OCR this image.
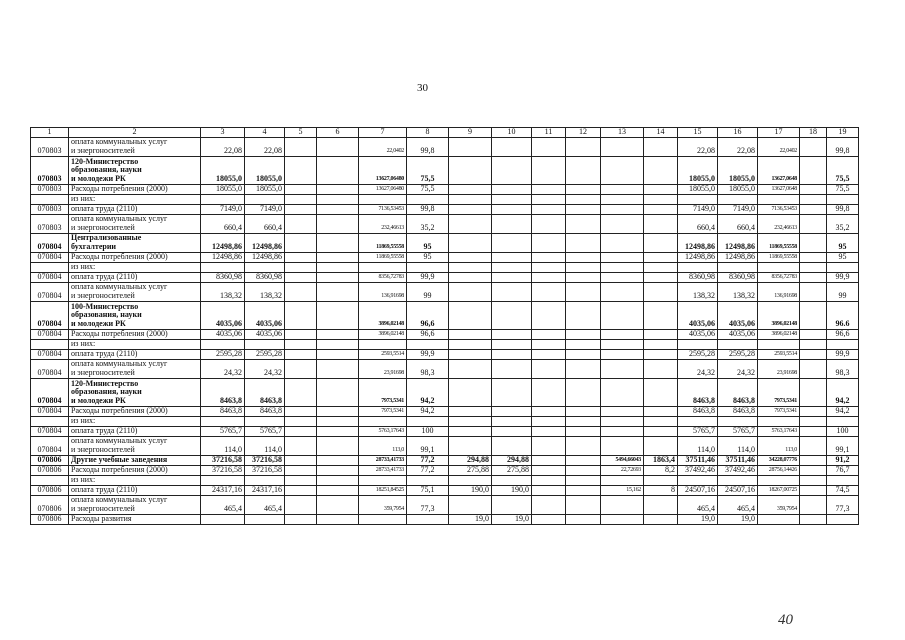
30
1	2	3	4	5	6	7	8	9	10	11	12	13	14	15	16	17	18	19
070803	оплата коммунальных услуг
и энергоносителей	22,08	22,08			22,0402	99,8							22,08	22,08	22,0402		99,8
070803	120-Министерство
образования, науки
и молодежи РК	18055,0	18055,0			13627,06480	75,5							18055,0	18055,0	13627,0648		75,5
070803	Расходы потребления (2000)	18055,0	18055,0			13627,06480	75,5							18055,0	18055,0	13627,0648		75,5
	из них:																	
070803	оплата труда (2110)	7149,0	7149,0			7136,53453	99,8							7149,0	7149,0	7136,53453		99,8
070803	оплата коммунальных услуг
и энергоносителей	660,4	660,4			232,46613	35,2							660,4	660,4	232,46613		35,2
070804	Централизованные
бухгалтерии	12498,86	12498,86			11869,55558	95							12498,86	12498,86	11869,55558		95
070804	Расходы потребления (2000)	12498,86	12498,86			11869,55558	95							12498,86	12498,86	11869,55558		95
	из них:																	
070804	оплата труда (2110)	8360,98	8360,98			8356,72783	99,9							8360,98	8360,98	8356,72783		99,9
070804	оплата коммунальных услуг
и энергоносителей	138,32	138,32			136,91698	99							138,32	138,32	136,91698		99
070804	100-Министерство
образования, науки
и молодежи РК	4035,06	4035,06			3896,02148	96,6							4035,06	4035,06	3896,02148		96.6
070804	Расходы потребления (2000)	4035,06	4035,06			3896,02148	96,6							4035,06	4035,06	3896,02148		96,6
	из них:																	
070804	оплата труда (2110)	2595,28	2595,28			2593,5514	99,9							2595,28	2595,28	2593,5514		99,9
070804	оплата коммунальных услуг
и энергоносителей	24,32	24,32			23,91698	98,3							24,32	24,32	23,91698		98,3
070804	120-Министерство
образования, науки
и молодежи РК	8463,8	8463,8			7973,5341	94,2							8463,8	8463,8	7973,5341		94,2
070804	Расходы потребления (2000)	8463,8	8463,8			7973,5341	94,2							8463,8	8463,8	7973,5341		94,2
	из них:																	
070804	оплата труда (2110)	5765,7	5765,7			5763,17643	100							5765,7	5765,7	5763,17643		100
070804	оплата коммунальных услуг
и энергоносителей	114,0	114,0			113,0	99,1							114,0	114,0	113,0		99,1
070806	Другие учебные заведения	37216,58	37216,58			28733,41733	77,2	294,88	294,88			5494,66043	1863,4	37511,46	37511,46	34228,07776		91,2
070806	Расходы потребления (2000)	37216,58	37216,58			28733,41733	77,2	275,88	275,88			22,72693	8,2	37492,46	37492,46	28756,14426		76,7
	из них:																	
070806	оплата труда (2110)	24317,16	24317,16			18251,84525	75,1	190,0	190,0			15,162	8	24507,16	24507,16	18267,00725		74,5
070806	оплата коммунальных услуг
и энергоносителей	465,4	465,4			359,7954	77,3							465,4	465,4	359,7954		77,3
070806	Расходы развития							19,0	19,0					19,0	19,0			
40
